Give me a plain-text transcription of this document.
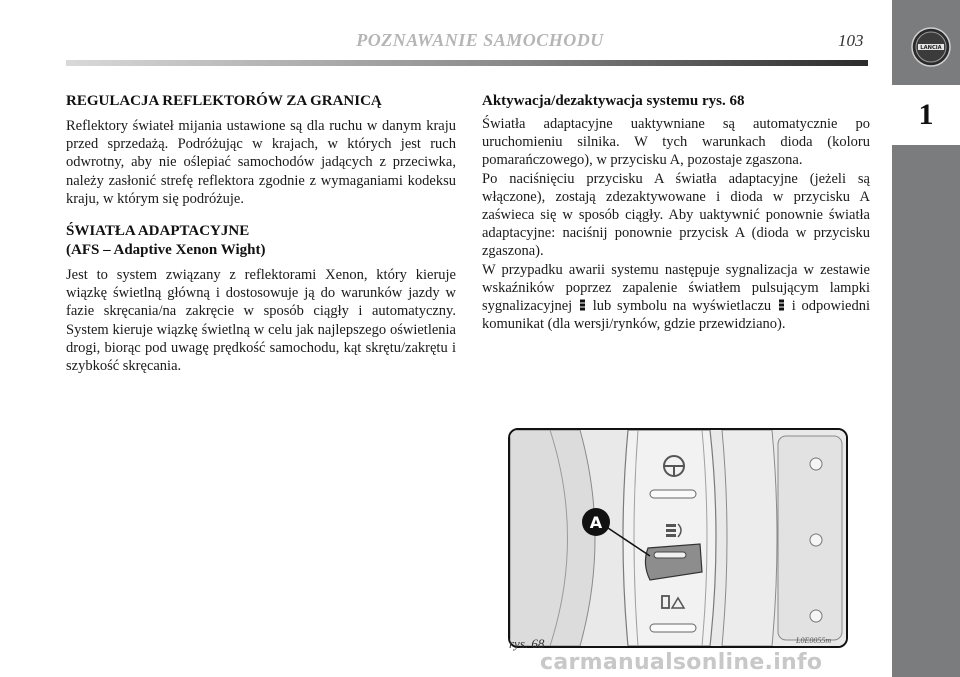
POZNAWANIE SAMOCHODU	103	LANCIA
1
REGULACJA REFLEKTORÓW ZA GRANICĄ

Reflektory świateł mijania ustawione są dla ruchu w danym kraju przed sprzedażą. Podróżując w krajach, w których jest ruch odwrotny, aby nie oślepiać samochodów jadących z przeciwka, należy zasłonić strefę reflektora zgodnie z wymaganiami kodeksu kraju, w którym się podróżuje.

ŚWIATŁA ADAPTACYJNE
(AFS – Adaptive Xenon Wight)

Jest to system związany z reflektorami Xenon, który kieruje wiązkę świetlną główną i dostosowuje ją do warunków jazdy w fazie skręcania/na zakręcie w sposób ciągły i automatyczny. System kieruje wiązkę świetlną w celu jak najlepszego oświetlenia drogi, biorąc pod uwagę prędkość samochodu, kąt skrętu/zakrętu i szybkość skręcania.

Aktywacja/dezaktywacja systemu rys. 68

Światła adaptacyjne uaktywniane są automatycznie po uruchomieniu silnika. W tych warunkach dioda (koloru pomarańczowego), w przycisku A, pozostaje zgaszona.

Po naciśnięciu przycisku A światła adaptacyjne (jeżeli są włączone), zostają zdezaktywowane i dioda w przycisku A zaświeca się w sposób ciągły. Aby uaktywnić ponownie światła adaptacyjne: naciśnij ponownie przycisk A (dioda w przycisku zgaszona).

W przypadku awarii systemu następuje sygnalizacja w zestawie wskaźników poprzez zapalenie światłem pulsującym lampki sygnalizacyjnej lub symbolu na wyświetlaczu i odpowiedni komunikat (dla wersji/rynków, gdzie przewidziano).

A
rys. 68	L0E0055m
carmanualsonline.info
